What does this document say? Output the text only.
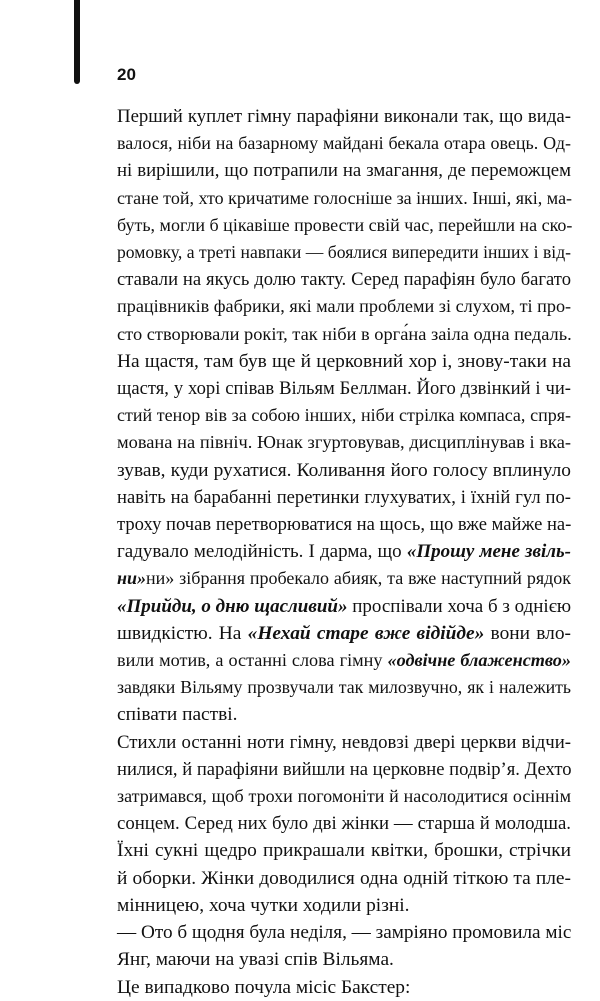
20

Перший куплет гімну парафіяни виконали так, що вида-
валося, ніби на базарному майдані бекала отара овець. Од-
ні вирішили, що потрапили на змагання, де переможцем
стане той, хто кричатиме голосніше за інших. Інші, які, ма-
буть, могли б цікавіше провести свій час, перейшли на ско-
ромовку, а треті навпаки — боялися випередити інших і від-
ставали на якусь долю такту. Серед парафіян було багато
працівників фабрики, які мали проблеми зі слухом, ті про-
сто створювали рокіт, так ніби в орга́на заіла одна педаль.

На щастя, там був ще й церковний хор і, знову-таки на
щастя, у хорі співав Вільям Беллман. Його дзвінкий і чи-
стий тенор вів за собою інших, ніби стрілка компаса, спря-
мована на північ. Юнак згуртовував, дисциплінував і вка-
зував, куди рухатися. Коливання його голосу вплинуло
навіть на барабанні перетинки глухуватих, і їхній гул по-
троху почав перетворюватися на щось, що вже майже на-
гадувало мелодійність. І дарма, що «Прошу мене звіль-
ни»ни» зібрання пробекало абияк, та вже наступний рядок
«Прийди, о дню щасливий» проспівали хоча б з однією
швидкістю. На «Нехай старе вже відійде» вони вло-
вили мотив, а останні слова гімну «одвічне блаженство»
завдяки Вільяму прозвучали так милозвучно, як і належить
співати пастві.

Стихли останні ноти гімну, невдовзі двері церкви відчи-
нилися, й парафіяни вийшли на церковне подвір’я. Дехто
затримався, щоб трохи погомоніти й насолодитися осіннім
сонцем. Серед них було дві жінки — старша й молодша.
Їхні сукні щедро прикрашали квітки, брошки, стрічки
й оборки. Жінки доводилися одна одній тіткою та пле-
мінницею, хоча чутки ходили різні.

— Ото б щодня була неділя, — замріяно промовила міс
Янг, маючи на увазі спів Вільяма.

Це випадково почула місіс Бакстер:
